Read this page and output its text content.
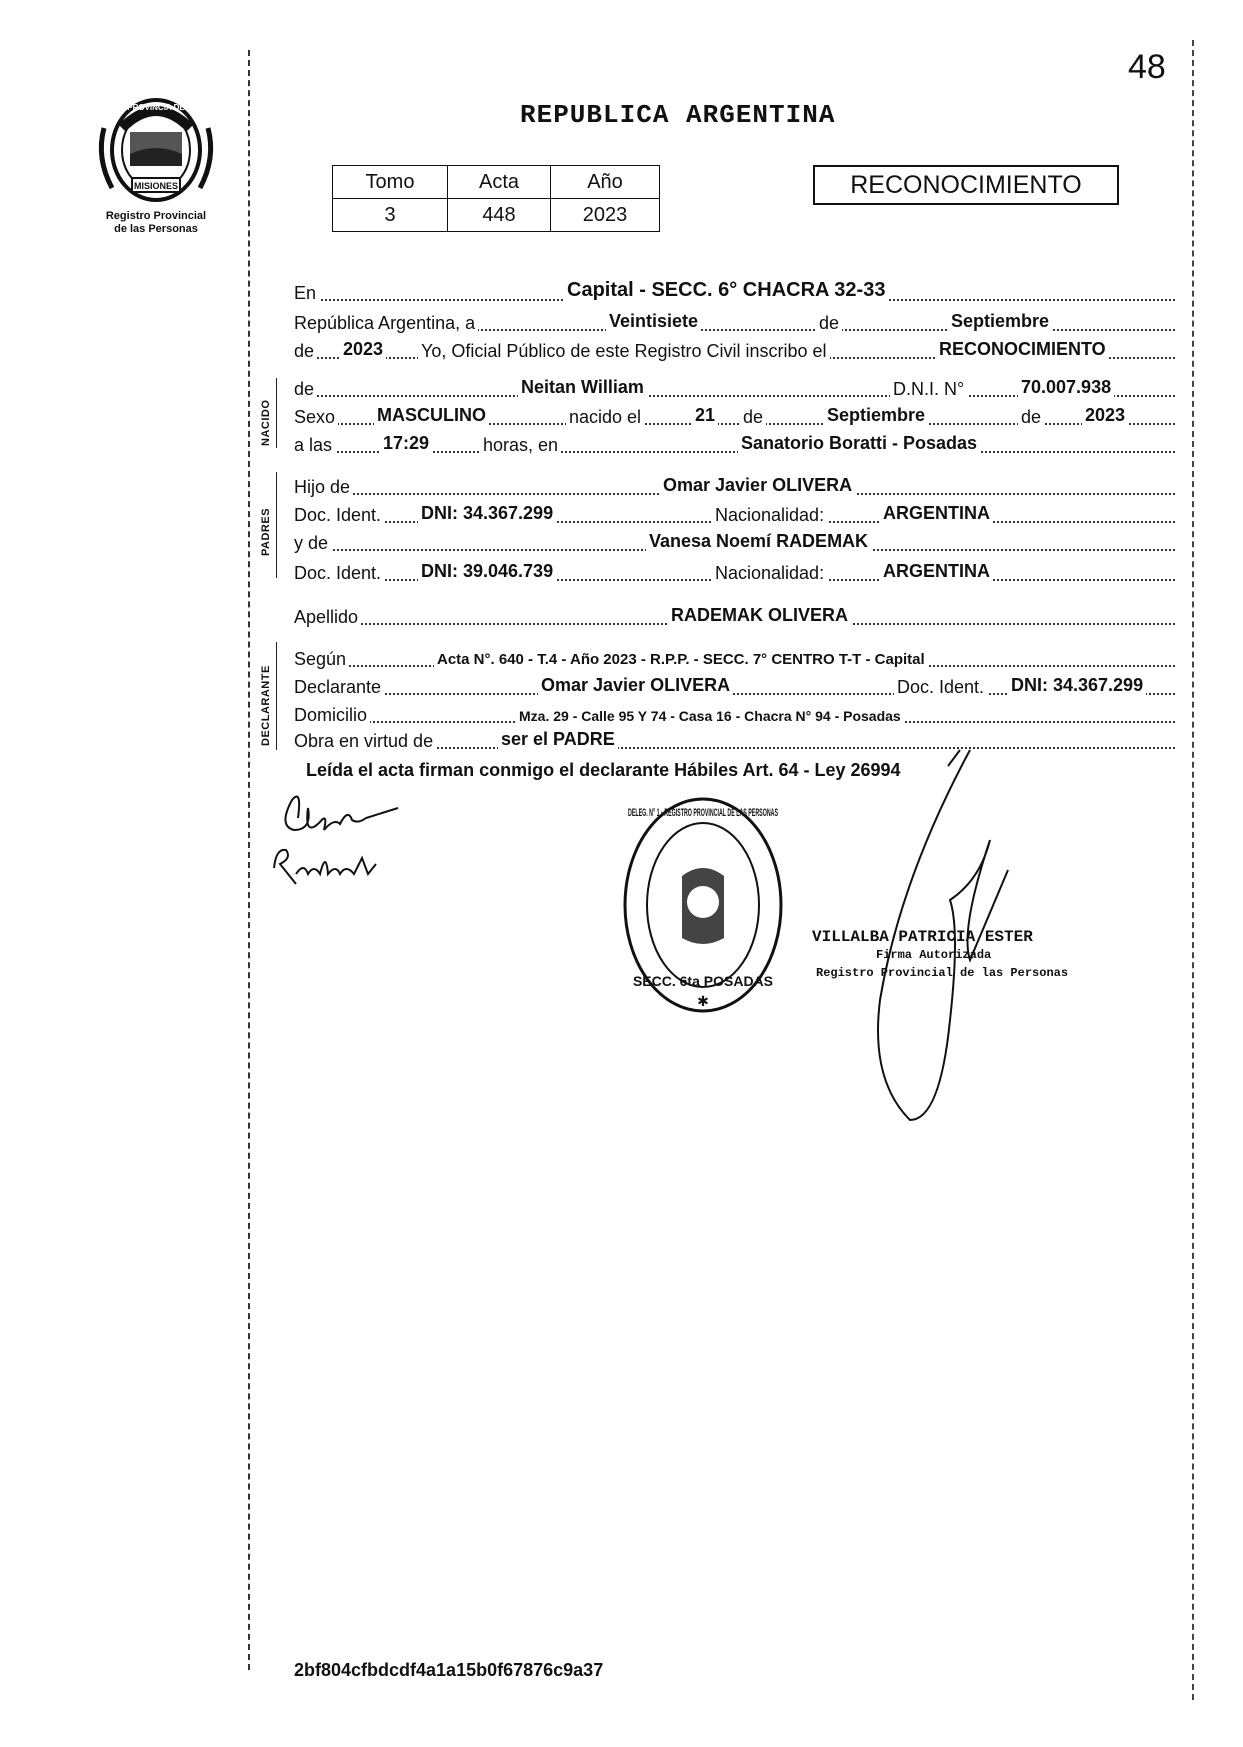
48
PROVINCIA DE
MISIONES
Registro Provincial
de las Personas
REPUBLICA ARGENTINA
Tomo	Acta	Año
3	448	2023
RECONOCIMIENTO
NACIDO
PADRES
DECLARANTE
En	Capital - SECC. 6° CHACRA 32-33
República Argentina, a	Veintisiete	de	Septiembre
de 2023 Yo, Oficial Público de este Registro Civil inscribo el	RECONOCIMIENTO
de	Neitan William	D.N.I. N°	70.007.938
Sexo MASCULINO	nacido el	21 de	Septiembre	de 2023
a las	17:29	horas, en	Sanatorio Boratti - Posadas
Hijo de	Omar Javier OLIVERA
Doc. Ident. DNI: 34.367.299	Nacionalidad:	ARGENTINA
y de	Vanesa Noemí RADEMAK
Doc. Ident. DNI: 39.046.739	Nacionalidad:	ARGENTINA
Apellido	RADEMAK OLIVERA
Según	Acta N°. 640 - T.4 - Año 2023 - R.P.P. - SECC. 7° CENTRO T-T - Capital
Declarante	Omar Javier OLIVERA	Doc. Ident. DNI: 34.367.299
Domicilio	Mza. 29 - Calle 95 Y 74 - Casa 16 - Chacra N° 94 - Posadas
Obra en virtud de	ser el PADRE
Leída el acta firman conmigo el declarante Hábiles Art. 64 - Ley 26994
DELEG. N° 1 · REGISTRO PROVINCIAL DE LAS PERSONAS
SECC. 6ta POSADAS
✱
VILLALBA PATRICIA ESTER
Firma Autorizada
Registro Provincial de las Personas
2bf804cfbdcdf4a1a15b0f67876c9a37
